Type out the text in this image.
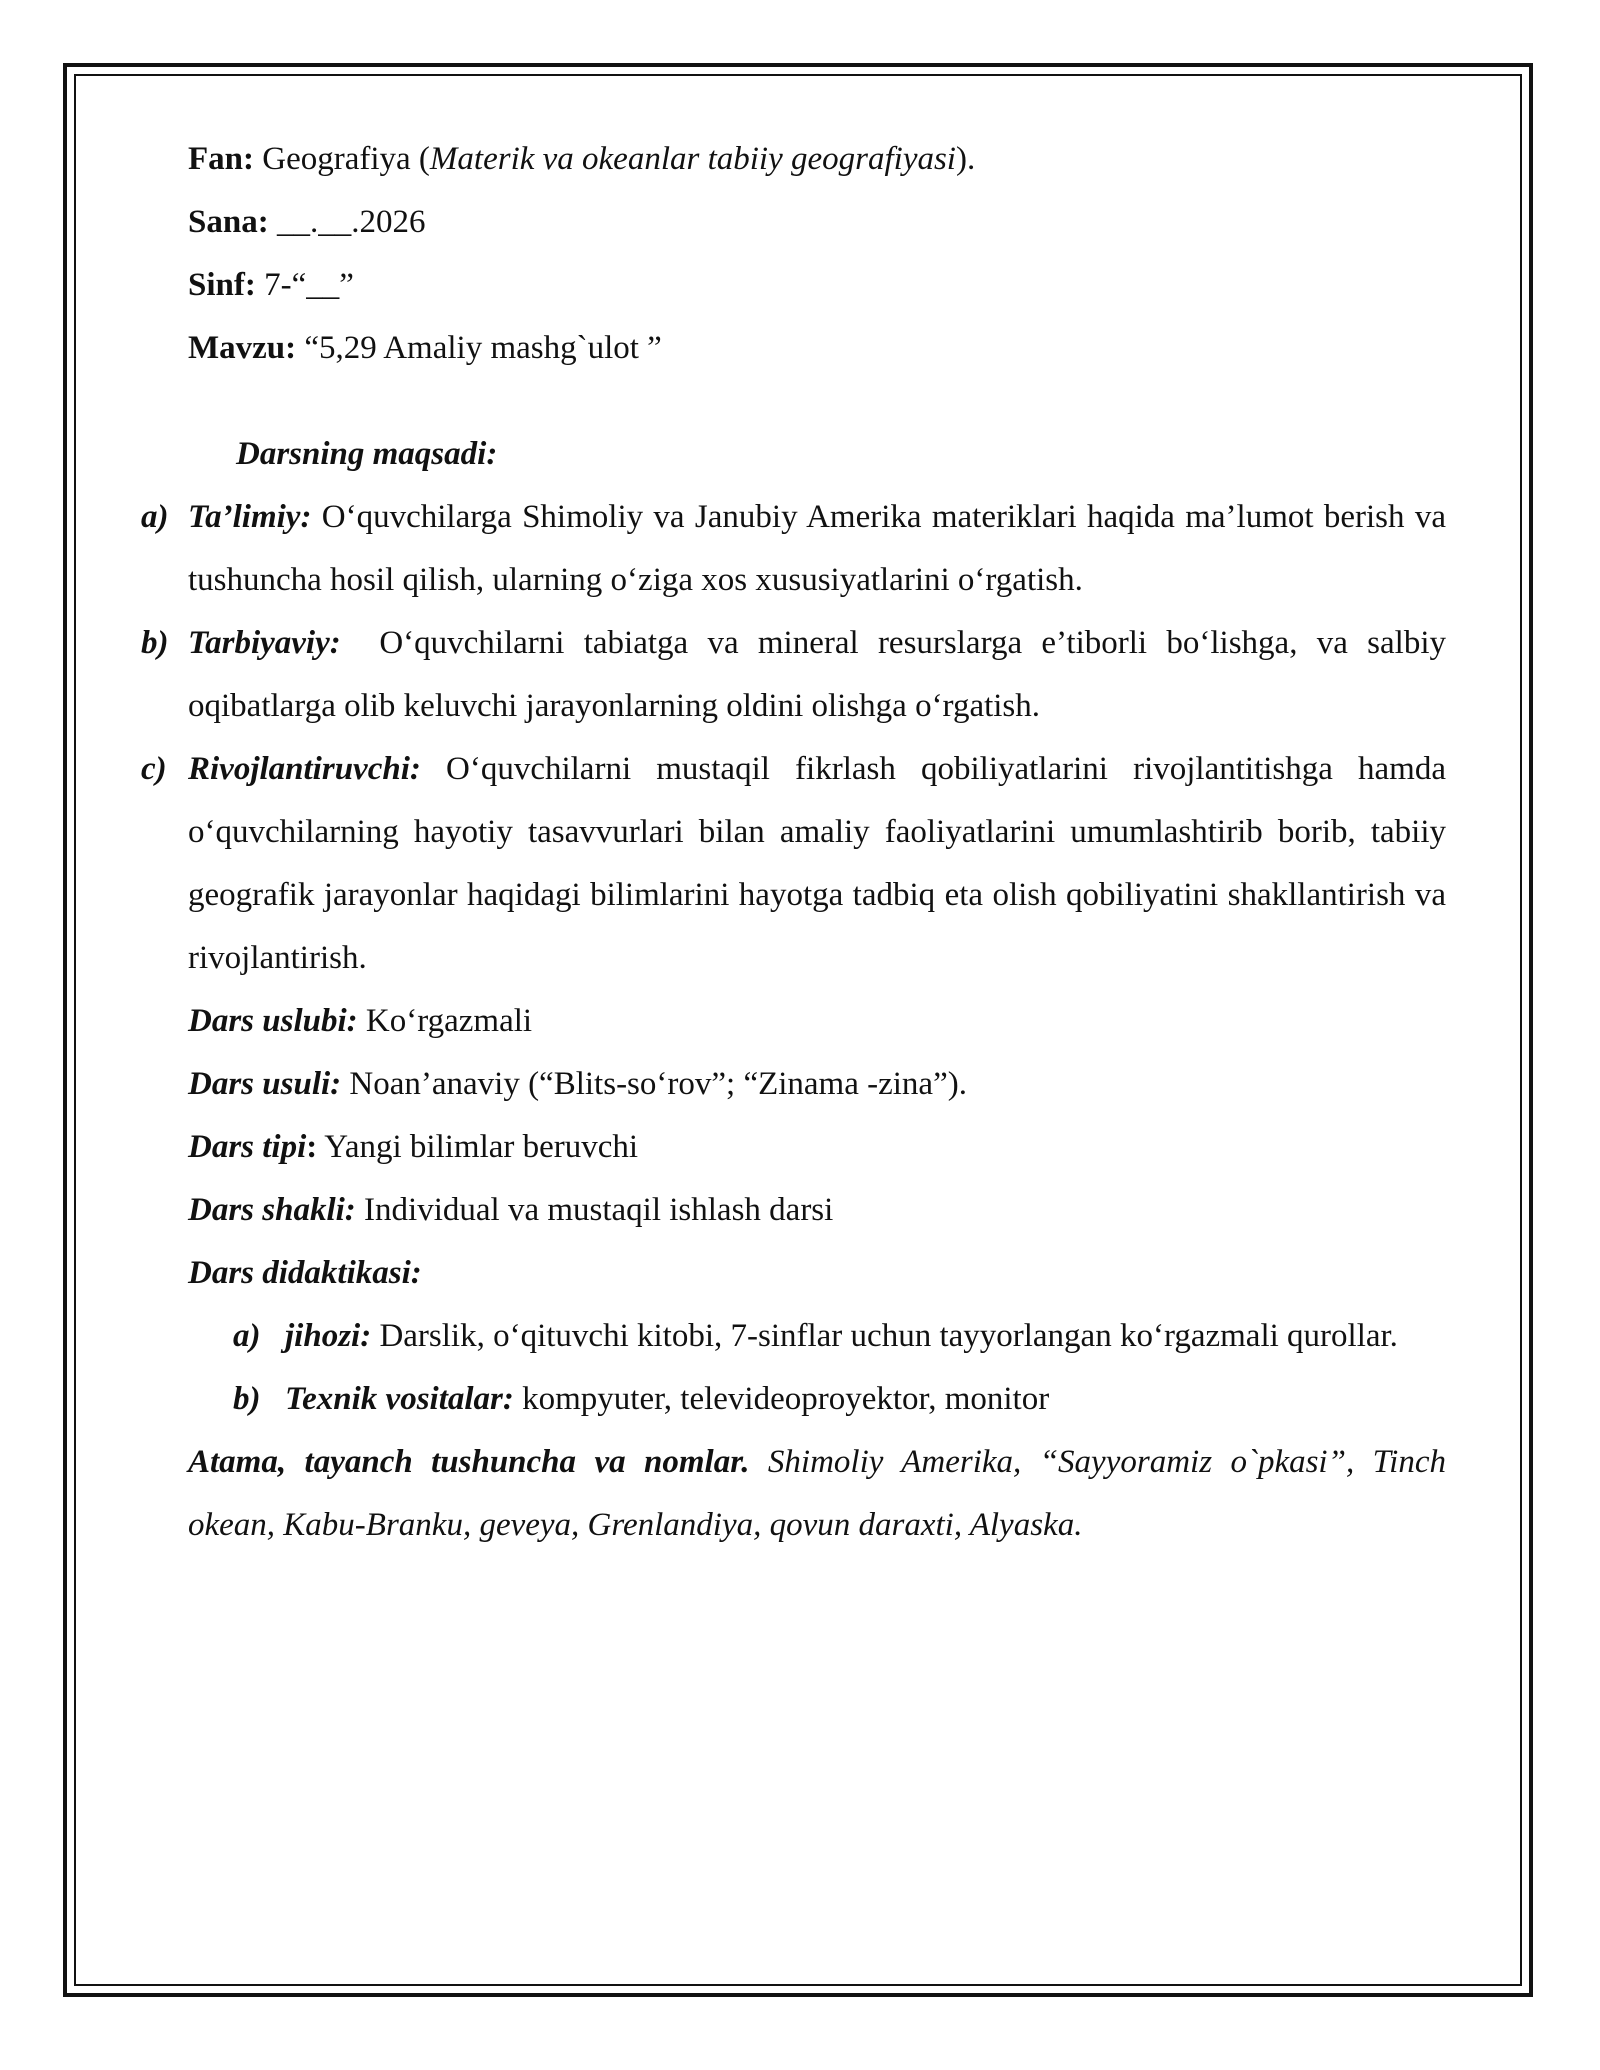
Fan: Geografiya (Materik va okeanlar tabiiy geografiyasi).
Sana: __.__.2026
Sinf: 7-“__”
Mavzu: “5,29 Amaliy mashg`ulot ”
Darsning maqsadi:
a) Ta’limiy: O‘quvchilarga Shimoliy va Janubiy Amerika materiklari haqida ma’lumot berish va tushuncha hosil qilish, ularning o‘ziga xos xususiyatlarini o‘rgatish.
b) Tarbiyaviy:  O‘quvchilarni tabiatga va mineral resurslarga e’tiborli bo‘lishga, va salbiy oqibatlarga olib keluvchi jarayonlarning oldini olishga o‘rgatish.
c) Rivojlantiruvchi: O‘quvchilarni mustaqil fikrlash qobiliyatlarini rivojlantitishga hamda o‘quvchilarning hayotiy tasavvurlari bilan amaliy faoliyatlarini umumlashtirib borib, tabiiy geografik jarayonlar haqidagi bilimlarini hayotga tadbiq eta olish qobiliyatini shakllantirish va rivojlantirish.
Dars uslubi: Ko‘rgazmali
Dars usuli: Noan’anaviy (“Blits-so‘rov”; “Zinama -zina”).
Dars tipi: Yangi bilimlar beruvchi
Dars shakli: Individual va mustaqil ishlash darsi
Dars didaktikasi:
a) jihozi: Darslik, o‘qituvchi kitobi, 7-sinflar uchun tayyorlangan ko‘rgazmali qurollar.
b) Texnik vositalar: kompyuter, televideoproyektor, monitor
Atama, tayanch tushuncha va nomlar. Shimoliy Amerika, “Sayyoramiz o`pkasi”, Tinch okean, Kabu-Branku, geveya, Grenlandiya, qovun daraxti, Alyaska.
